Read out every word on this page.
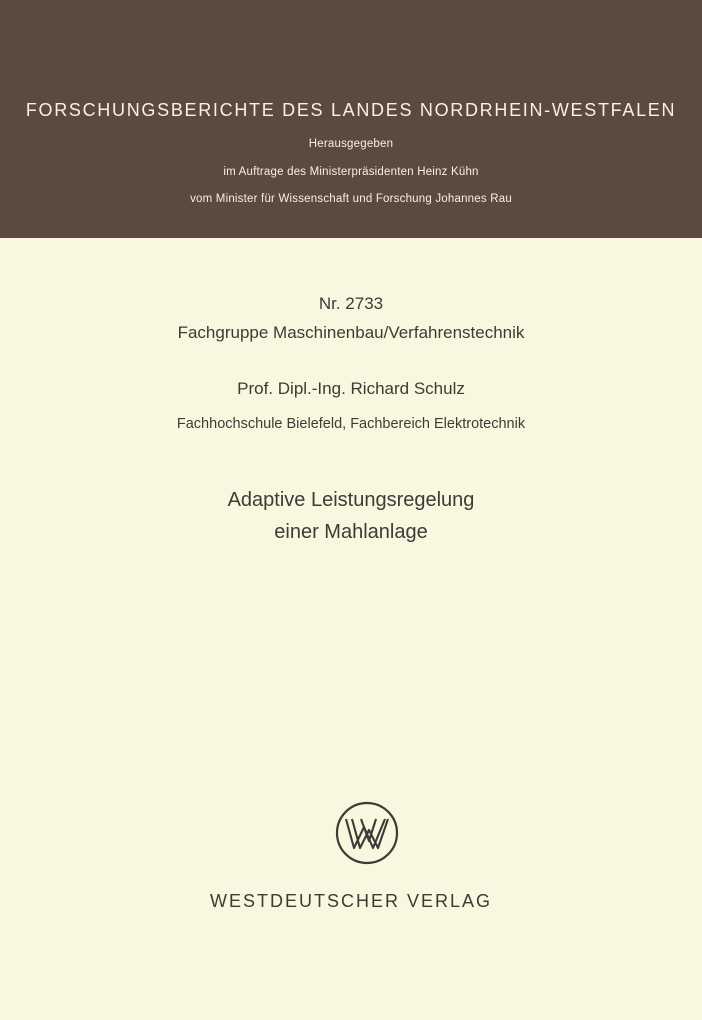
FORSCHUNGSBERICHTE DES LANDES NORDRHEIN-WESTFALEN
Herausgegeben
im Auftrage des Ministerpräsidenten Heinz Kühn
vom Minister für Wissenschaft und Forschung Johannes Rau
Nr. 2733
Fachgruppe Maschinenbau/Verfahrenstechnik
Prof. Dipl.-Ing. Richard Schulz
Fachhochschule Bielefeld, Fachbereich Elektrotechnik
Adaptive Leistungsregelung
einer Mahlanlage
WESTDEUTSCHER VERLAG
